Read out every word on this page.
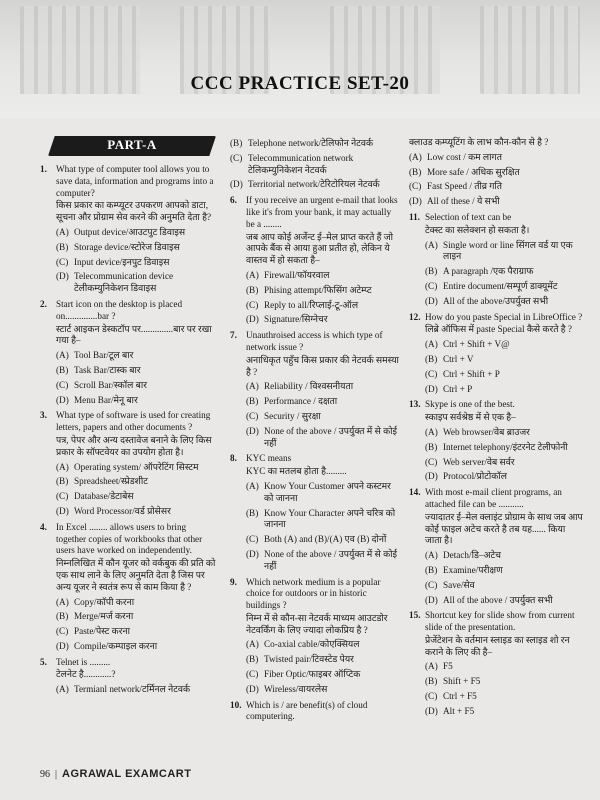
CCC PRACTICE SET-20
PART-A
1. What type of computer tool allows you to save data, information and programs into a computer?
किस प्रकार का कम्प्यूटर उपकरण आपको डाटा, सूचना और प्रोग्राम सेव करने की अनुमति देता है?
(A) Output device/आउटपुट डिवाइस
(B) Storage device/स्टोरेज डिवाइस
(C) Input device/इनपुट डिवाइस
(D) Telecommunication device टेलीकम्युनिकेशन डिवाइस
2. Start icon on the desktop is placed on..............bar ?
स्टार्ट आइकन डेस्कटॉप पर..............बार पर रखा गया है–
(A) Tool Bar/टूल बार
(B) Task Bar/टास्क बार
(C) Scroll Bar/स्कॉल बार
(D) Menu Bar/मेनू बार
3. What type of software is used for creating letters, papers and other documents ?
पत्र, पेपर और अन्य दस्तावेज बनाने के लिए किस प्रकार के सॉफ्टवेयर का उपयोग होता है।
(A) Operating system/ ऑपरेटिंग सिस्टम
(B) Spreadsheet/स्प्रेडशीट
(C) Database/डेटाबेस
(D) Word Processor/वर्ड प्रोसेसर
4. In Excel ........ allows users to bring together copies of workbooks that other users have worked on independently.
निम्नलिखित में कौन यूजर को वर्कबुक की प्रति को एक साथ लाने के लिए अनुमति देता है जिस पर अन्य यूजर ने स्वतंत्र रूप से काम किया है ?
(A) Copy/कॉपी करना
(B) Merge/मर्ज करना
(C) Paste/पेस्ट करना
(D) Compile/कम्पाइल करना
5. Telnet is .........
टेलनेट है............?
(A) Termianl network/टर्मिनल नेटवर्क
(B) Telephone network/टेलिफोन नेटवर्क
(C) Telecommunication network टेलिकम्युनिकेशन नेटवर्क
(D) Territorial network/टेरिटोरियल नेटवर्क
6. If you receive an urgent e-mail that looks like it's from your bank, it may actually be a ........
जब आप कोई अर्जेन्ट ई–मेल प्राप्त करते हैं जो आपके बैंक से आया हुआ प्रतीत हो, लेकिन ये वास्तव में हो सकता है–
(A) Firewall/फॉयरवाल
(B) Phising attempt/फिसिंग अटेम्प्ट
(C) Reply to all/रिप्लाई-टू-ऑल
(D) Signature/सिग्नेचर
7. Unauthroised access is which type of network issue ?
अनाधिकृत पहुँच किस प्रकार की नेटवर्क समस्या है ?
(A) Reliability / विश्वसनीयता
(B) Performance / दक्षता
(C) Security / सुरक्षा
(D) None of the above / उपर्युक्त में से कोई नहीं
8. KYC means
KYC का मतलब होता है.........
(A) Know Your Customer अपने कस्टमर को जानना
(B) Know Your Character अपने चरित्र को जानना
(C) Both (A) and (B)/(A) एव (B) दोनों
(D) None of the above / उपर्युक्त में से कोई नहीं
9. Which network medium is a popular choice for outdoors or in historic buildings ?
निम्न में से कौन-सा नेटवर्क माध्यम आउटडोर नेटवर्किंग के लिए ज्यादा लोकप्रिय है ?
(A) Co-axial cable/कोएक्सियल
(B) Twisted pair/टिवस्टेड पेयर
(C) Fiber Optic/फाइबर ऑप्टिक
(D) Wireless/वायरलेस
10. Which is / are benefit(s) of cloud computering.
क्लाउड कम्प्यूटिंग के लाभ कौन-कौन से है ?
(A) Low cost / कम लागत
(B) More safe / अधिक सुरक्षित
(C) Fast Speed / तीव्र गति
(D) All of these / ये सभी
11. Selection of text can be
टेक्स्ट का सलेक्शन हो सकता है।
(A) Single word or line सिंगल वर्ड या एक लाइन
(B) A paragraph /एक पैराग्राफ
(C) Entire document/सम्पूर्ण डाक्यूमेंट
(D) All of the above/उपर्युक्त सभी
12. How do you paste Special in LibreOffice ?
लिब्रे ऑफिस में paste Special कैसे करते है ?
(A) Ctrl + Shift + V@
(B) Ctrl + V
(C) Ctrl + Shift + P
(D) Ctrl + P
13. Skype is one of the best.
स्काइप सर्वश्रेष्ठ में से एक है–
(A) Web browser/वेब ब्राउजर
(B) Internet telephony/इंटरनेट टेलीफोनी
(C) Web server/वेब सर्वर
(D) Protocol/प्रोटोकॉल
14. With most e-mail client programs, an attached file can be ...........
ज्यादातर ई–मेल क्लाइंट प्रोग्राम के साथ जब आप कोई फाइल अटेच करते है तब यह...... किया जाता है।
(A) Detach/डि–अटेच
(B) Examine/परीक्षण
(C) Save/सेव
(D) All of the above / उपर्युक्त सभी
15. Shortcut key for slide show from current slide of the presentation.
प्रेजेंटेशन के वर्तमान स्लाइड का स्लाइड शो रन कराने के लिए की है–
(A) F5
(B) Shift + F5
(C) Ctrl + F5
(D) Alt + F5
96 | AGRAWAL EXAMCART
